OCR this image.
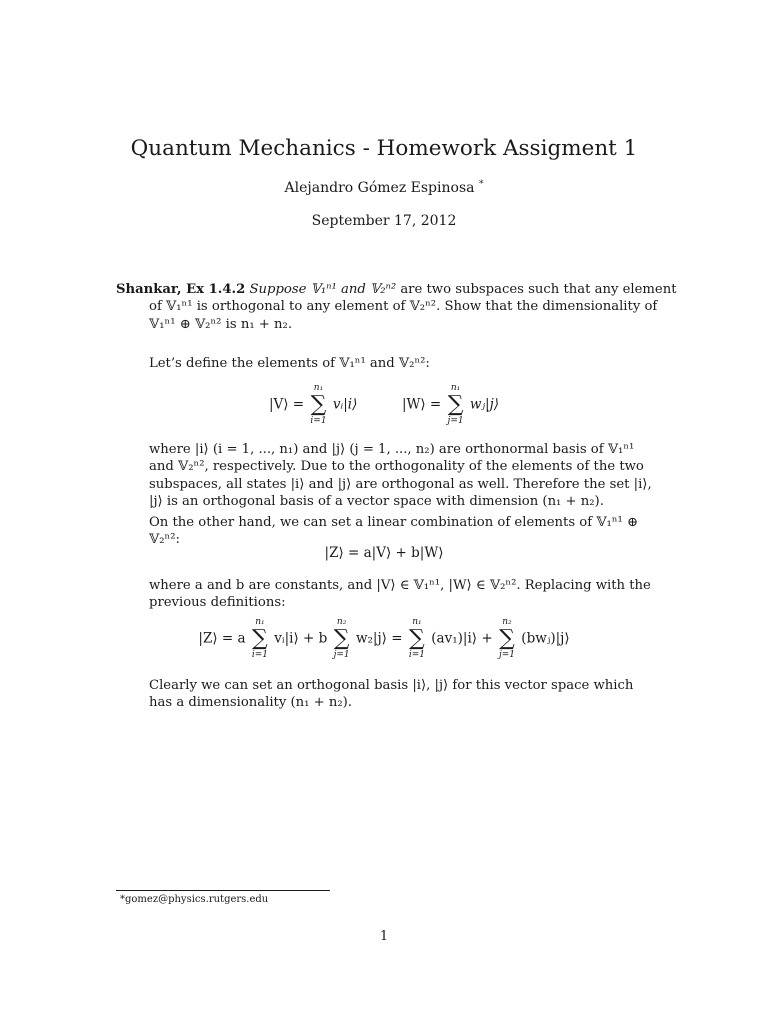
Quantum Mechanics - Homework Assigment 1
Alejandro Gómez Espinosa *
September 17, 2012
Shankar, Ex 1.4.2 Suppose 𝕍₁ⁿ¹ and 𝕍₂ⁿ² are two subspaces such that any element of 𝕍₁ⁿ¹ is orthogonal to any element of 𝕍₂ⁿ². Show that the dimensionality of 𝕍₁ⁿ¹ ⊕ 𝕍₂ⁿ² is n₁ + n₂.
Let’s define the elements of 𝕍₁ⁿ¹ and 𝕍₂ⁿ²:
|V⟩ =
n₁
∑
i=1
vᵢ|i⟩	|W⟩ =
n₁
∑
j=1
wⱼ|j⟩
where |i⟩ (i = 1, ..., n₁) and |j⟩ (j = 1, ..., n₂) are orthonormal basis of 𝕍₁ⁿ¹ and 𝕍₂ⁿ², respectively. Due to the orthogonality of the elements of the two subspaces, all states |i⟩ and |j⟩ are orthogonal as well. Therefore the set |i⟩, |j⟩ is an orthogonal basis of a vector space with dimension (n₁ + n₂).
On the other hand, we can set a linear combination of elements of 𝕍₁ⁿ¹ ⊕ 𝕍₂ⁿ²:
|Z⟩ = a|V⟩ + b|W⟩
where a and b are constants, and |V⟩ ∈ 𝕍₁ⁿ¹, |W⟩ ∈ 𝕍₂ⁿ². Replacing with the previous definitions:
|Z⟩ = a
n₁
∑
i=1
vᵢ|i⟩ + b
n₂
∑
j=1
w₂|j⟩ =
n₁
∑
i=1
(av₁)|i⟩ +
n₂
∑
j=1
(bwⱼ)|j⟩
Clearly we can set an orthogonal basis |i⟩, |j⟩ for this vector space which has a dimensionality (n₁ + n₂).
*gomez@physics.rutgers.edu
1
